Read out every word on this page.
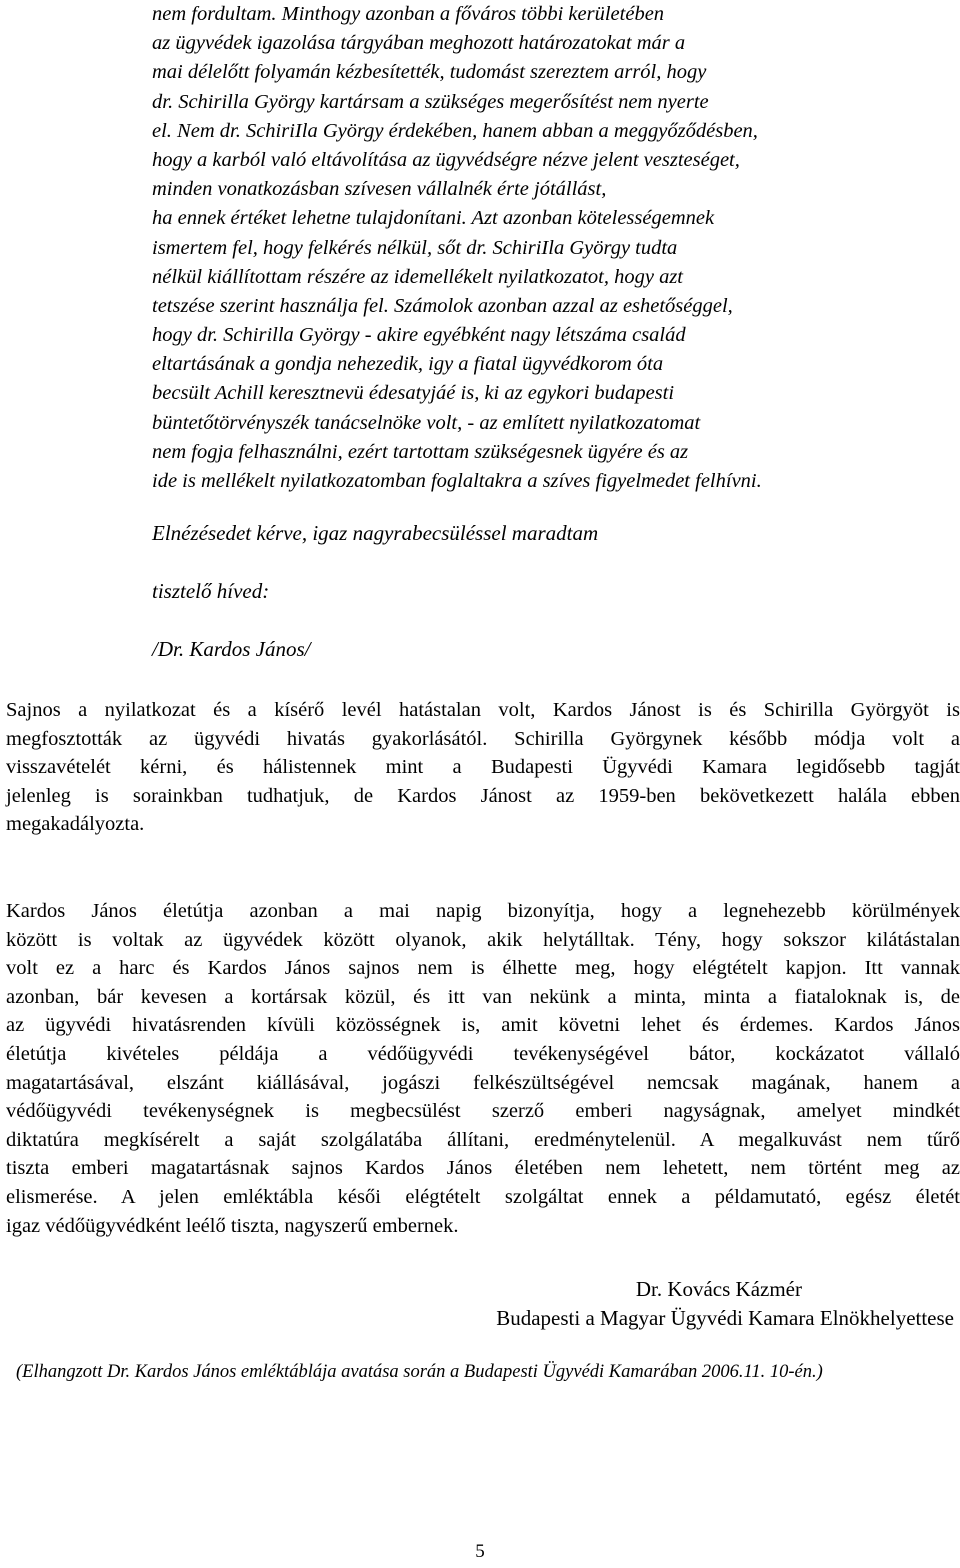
nem fordultam. Minthogy azonban a főváros többi kerületében
az ügyvédek igazolása tárgyában meghozott határozatokat már a
mai délelőtt folyamán kézbesítették, tudomást szereztem arról, hogy
dr. Schirilla György kartársam a szükséges megerősítést nem nyerte
el. Nem dr. SchiriIla György érdekében, hanem abban a meggyőződésben,
hogy a karból való eltávolítása az ügyvédségre nézve jelent veszteséget,
minden vonatkozásban szívesen vállalnék érte jótállást,
ha ennek értéket lehetne tulajdonítani. Azt azonban kötelességemnek
ismertem fel, hogy felkérés nélkül, sőt dr. SchiriIla György tudta
nélkül kiállítottam részére az idemellékelt nyilatkozatot, hogy azt
tetszése szerint használja fel. Számolok azonban azzal az eshetőséggel,
hogy dr. Schirilla György - akire egyébként nagy létszáma család
eltartásának a gondja nehezedik, igy a fiatal ügyvédkorom óta
becsült Achill keresztnevü édesatyjáé is, ki az egykori budapesti
büntetőtörvényszék tanácselnöke volt, - az említett nyilatkozatomat
nem fogja felhasználni, ezért tartottam szükségesnek ügyére és az
ide is mellékelt nyilatkozatomban foglaltakra a szíves figyelmedet felhívni.
Elnézésedet kérve, igaz nagyrabecsüléssel maradtam
tisztelő híved:
/Dr. Kardos János/
Sajnos a nyilatkozat és a kísérő levél hatástalan volt, Kardos Jánost is és Schirilla Györgyöt is
megfosztották az ügyvédi hivatás gyakorlásától. Schirilla Györgynek később módja volt a
visszavételét kérni, és hálistennek mint a Budapesti Ügyvédi Kamara legidősebb tagját
jelenleg is sorainkban tudhatjuk, de Kardos Jánost az 1959-ben bekövetkezett halála ebben
megakadályozta.
Kardos János életútja azonban a mai napig bizonyítja, hogy a legnehezebb körülmények
között is voltak az ügyvédek között olyanok, akik helytálltak. Tény, hogy sokszor kilátástalan
volt ez a harc és Kardos János sajnos nem is élhette meg, hogy elégtételt kapjon. Itt vannak
azonban, bár kevesen a kortársak közül, és itt van nekünk a minta, minta a fiataloknak is, de
az ügyvédi hivatásrenden kívüli közösségnek is, amit követni lehet és érdemes. Kardos János
életútja kivételes példája a védőügyvédi tevékenységével bátor, kockázatot vállaló
magatartásával, elszánt kiállásával, jogászi felkészültségével nemcsak magának, hanem a
védőügyvédi tevékenységnek is megbecsülést szerző emberi nagyságnak, amelyet mindkét
diktatúra megkísérelt a saját szolgálatába állítani, eredménytelenül. A megalkuvást nem tűrő
tiszta emberi magatartásnak sajnos Kardos János életében nem lehetett, nem történt meg az
elismerése. A jelen emléktábla késői elégtételt szolgáltat ennek a példamutató, egész életét
igaz védőügyvédként leélő tiszta, nagyszerű embernek.
Dr. Kovács Kázmér
Budapesti a Magyar Ügyvédi Kamara Elnökhelyettese
(Elhangzott Dr. Kardos János emléktáblája avatása során a Budapesti Ügyvédi Kamarában 2006.11. 10-én.)
5
